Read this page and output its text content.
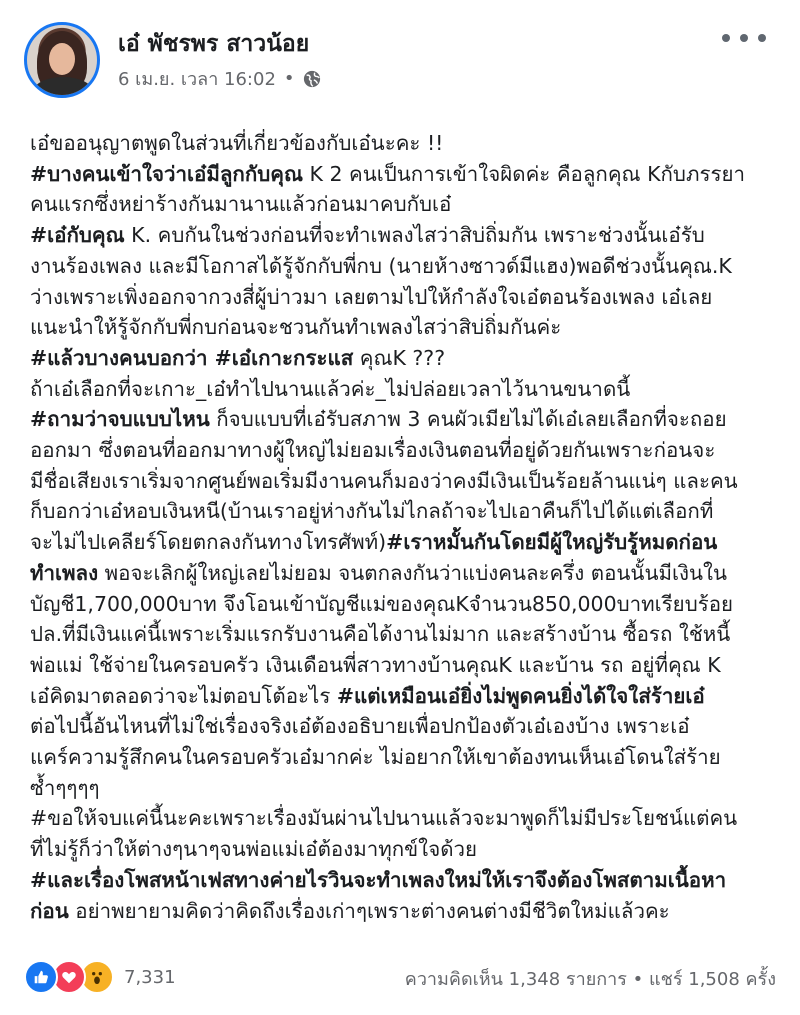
เอ๋ พัชรพร สาวน้อย
6 เม.ย. เวลา 16:02 •

เอ๋ขออนุญาตพูดในส่วนที่เกี่ยวข้องกับเอ๋นะคะ !!

#บางคนเข้าใจว่าเอ๋มีลูกกับคุณ K 2 คนเป็นการเข้าใจผิดค่ะ คือลูกคุณ Kกับภรรยา

คนแรกซึ่งหย่าร้างกันมานานแล้วก่อนมาคบกับเอ๋

#เอ๋กับคุณ K. คบกันในช่วงก่อนที่จะทำเพลงไสว่าสิบ่ถิ่มกัน เพราะช่วงนั้นเอ๋รับ

งานร้องเพลง และมีโอกาสได้รู้จักกับพี่กบ (นายห้างซาวด์มีแฮง)พอดีช่วงนั้นคุณ.K

ว่างเพราะเพิ่งออกจากวงสี่ผู้บ่าวมา เลยตามไปให้กำลังใจเอ๋ตอนร้องเพลง เอ๋เลย

แนะนำให้รู้จักกับพี่กบก่อนจะชวนกันทำเพลงไสว่าสิบ่ถิ่มกันค่ะ

#แล้วบางคนบอกว่า #เอ๋เกาะกระแส คุณK ???

ถ้าเอ๋เลือกที่จะเกาะ_เอ๋ทำไปนานแล้วค่ะ_ไม่ปล่อยเวลาไว้นานขนาดนี้

#ถามว่าจบแบบไหน ก็จบแบบที่เอ๋รับสภาพ 3 คนผัวเมียไม่ได้เอ๋เลยเลือกที่จะถอย

ออกมา ซึ่งตอนที่ออกมาทางผู้ใหญ่ไม่ยอมเรื่องเงินตอนที่อยู่ด้วยกันเพราะก่อนจะ

มีชื่อเสียงเราเริ่มจากศูนย์พอเริ่มมีงานคนก็มองว่าคงมีเงินเป็นร้อยล้านแน่ๆ และคน

ก็บอกว่าเอ๋หอบเงินหนี(บ้านเราอยู่ห่างกันไม่ไกลถ้าจะไปเอาคืนก็ไปได้แต่เลือกที่

จะไม่ไปเคลียร์โดยตกลงกันทางโทรศัพท์)#เราหมั้นกันโดยมีผู้ใหญ่รับรู้หมดก่อน

ทำเพลง พอจะเลิกผู้ใหญ่เลยไม่ยอม จนตกลงกันว่าแบ่งคนละครึ่ง ตอนนั้นมีเงินใน

บัญชี1,700,000บาท จึงโอนเข้าบัญชีแม่ของคุณKจำนวน850,000บาทเรียบร้อย

ปล.ที่มีเงินแค่นี้เพราะเริ่มแรกรับงานคือได้งานไม่มาก และสร้างบ้าน ซื้อรถ ใช้หนี้

พ่อแม่ ใช้จ่ายในครอบครัว เงินเดือนพี่สาวทางบ้านคุณK และบ้าน รถ อยู่ที่คุณ K

เอ๋คิดมาตลอดว่าจะไม่ตอบโต้อะไร #แต่เหมือนเอ๋ยิ่งไม่พูดคนยิ่งได้ใจใส่ร้ายเอ๋

ต่อไปนี้อันไหนที่ไม่ใช่เรื่องจริงเอ๋ต้องอธิบายเพื่อปกป้องตัวเอ๋เองบ้าง เพราะเอ๋

แคร์ความรู้สึกคนในครอบครัวเอ๋มากค่ะ ไม่อยากให้เขาต้องทนเห็นเอ๋โดนใส่ร้าย

ซ้ำๆๆๆๆ

#ขอให้จบแค่นี้นะคะเพราะเรื่องมันผ่านไปนานแล้วจะมาพูดก็ไม่มีประโยชน์แต่คน

ที่ไม่รู้ก็ว่าให้ต่างๆนาๆจนพ่อแม่เอ๋ต้องมาทุกข์ใจด้วย

#และเรื่องโพสหน้าเฟสทางค่ายไรวินจะทำเพลงใหม่ให้เราจึงต้องโพสตามเนื้อหา

ก่อน อย่าพยายามคิดว่าคิดถึงเรื่องเก่าๆเพราะต่างคนต่างมีชีวิตใหม่แล้วคะ

7,331	ความคิดเห็น 1,348 รายการ • แชร์ 1,508 ครั้ง
